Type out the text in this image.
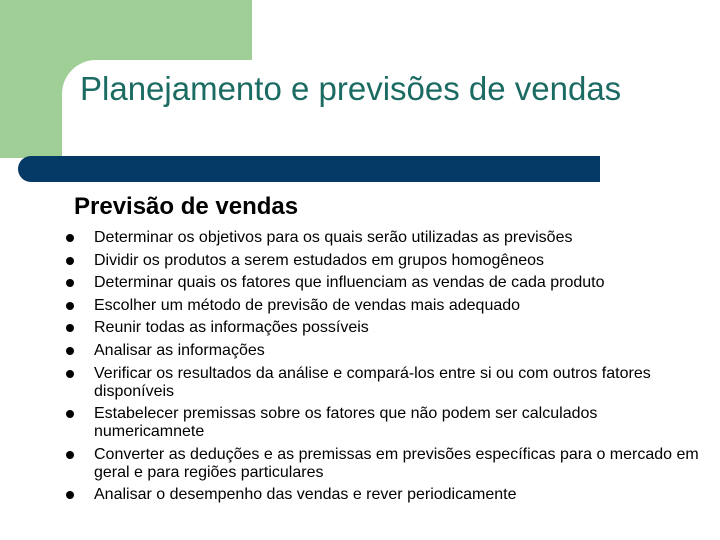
Planejamento e previsões de vendas
Previsão de vendas
Determinar os objetivos para os quais serão utilizadas as previsões
Dividir os produtos a serem estudados em grupos homogêneos
Determinar quais os fatores que influenciam as vendas de cada produto
Escolher um método de previsão de vendas mais adequado
Reunir todas as informações possíveis
Analisar as informações
Verificar os resultados da análise e compará-los entre si ou com outros fatores disponíveis
Estabelecer premissas sobre os fatores que não podem ser calculados numericamnete
Converter as deduções e as premissas em previsões específicas para o mercado em geral e para regiões particulares
Analisar o desempenho das vendas e rever periodicamente
